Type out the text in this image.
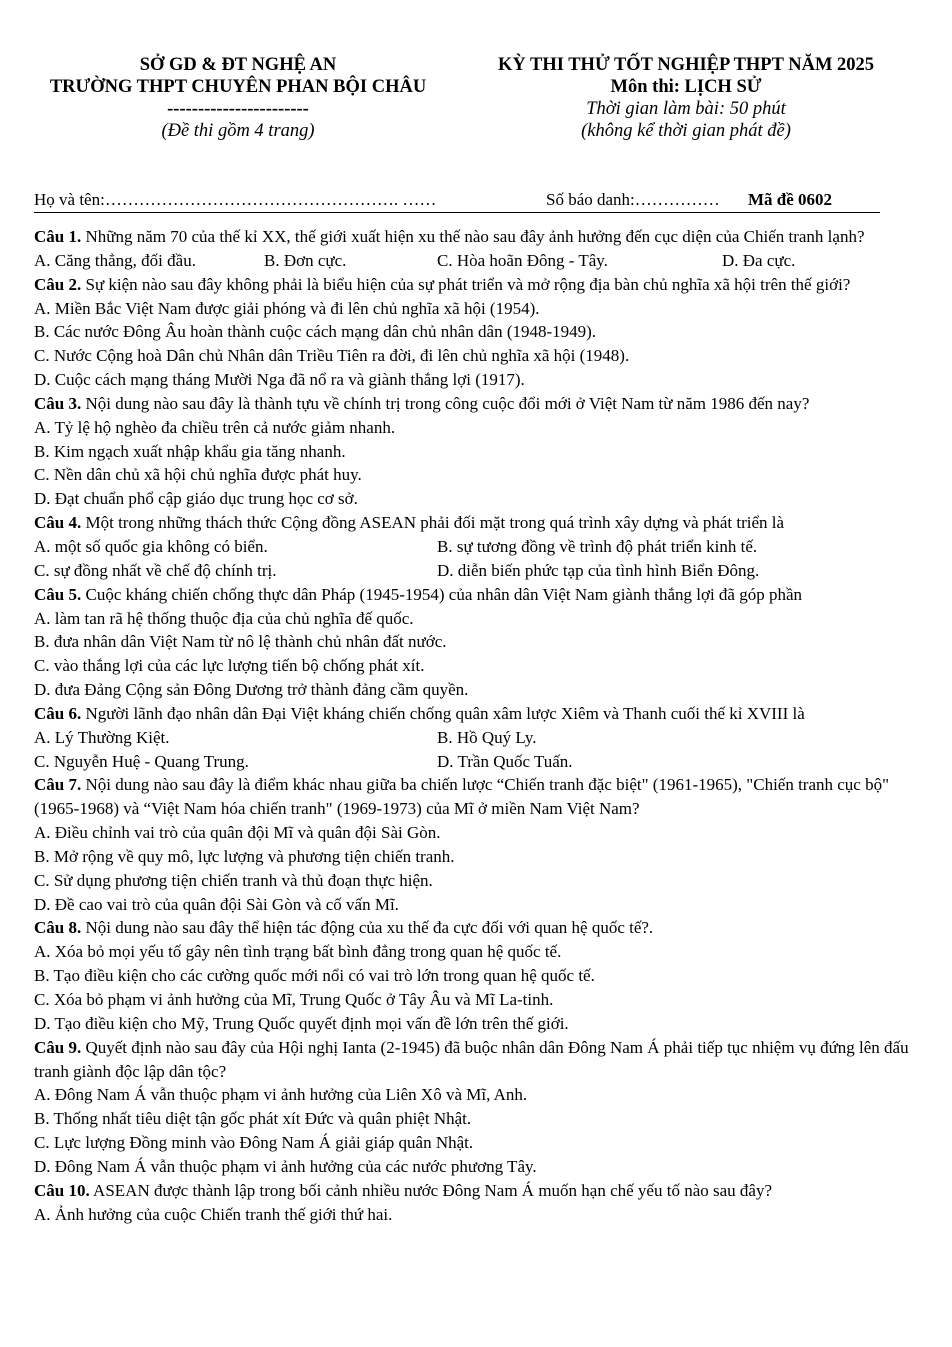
SỞ GD & ĐT NGHỆ AN
TRƯỜNG THPT CHUYÊN PHAN BỘI CHÂU
-----------------------
(Đề thi gồm 4 trang)
KỲ THI THỬ TỐT NGHIỆP THPT NĂM 2025
Môn thi: LỊCH SỬ
Thời gian làm bài: 50 phút
(không kể thời gian phát đề)
Họ và tên:……………………………………………. ……	Số báo danh:…………… Mã đề 0602
Câu 1. Những năm 70 của thế kỉ XX, thế giới xuất hiện xu thế nào sau đây ảnh hưởng đến cục diện của Chiến tranh lạnh?
A. Căng thẳng, đối đầu.	B. Đơn cực.	C. Hòa hoãn Đông - Tây.	D. Đa cực.
Câu 2. Sự kiện nào sau đây không phải là biểu hiện của sự phát triển và mở rộng địa bàn chủ nghĩa xã hội trên thế giới?
A. Miền Bắc Việt Nam được giải phóng và đi lên chủ nghĩa xã hội (1954).
B. Các nước Đông Âu hoàn thành cuộc cách mạng dân chủ nhân dân (1948-1949).
C. Nước Cộng hoà Dân chủ Nhân dân Triều Tiên ra đời, đi lên chủ nghĩa xã hội (1948).
D. Cuộc cách mạng tháng Mười Nga đã nổ ra và giành thắng lợi (1917).
Câu 3. Nội dung nào sau đây là thành tựu về chính trị trong công cuộc đổi mới ở Việt Nam từ năm 1986 đến nay?
A. Tỷ lệ hộ nghèo đa chiều trên cả nước giảm nhanh.
B. Kim ngạch xuất nhập khẩu gia tăng nhanh.
C. Nền dân chủ xã hội chủ nghĩa được phát huy.
D. Đạt chuẩn phổ cập giáo dục trung học cơ sở.
Câu 4. Một trong những thách thức Cộng đồng ASEAN phải đối mặt trong quá trình xây dựng và phát triển là
A. một số quốc gia không có biển.	B. sự tương đồng về trình độ phát triển kinh tế.
C. sự đồng nhất về chế độ chính trị.	D. diễn biến phức tạp của tình hình Biển Đông.
Câu 5. Cuộc kháng chiến chống thực dân Pháp (1945-1954) của nhân dân Việt Nam giành thắng lợi đã góp phần
A. làm tan rã hệ thống thuộc địa của chủ nghĩa đế quốc.
B. đưa nhân dân Việt Nam từ nô lệ thành chủ nhân đất nước.
C. vào thắng lợi của các lực lượng tiến bộ chống phát xít.
D. đưa Đảng Cộng sản Đông Dương trở thành đảng cầm quyền.
Câu 6. Người lãnh đạo nhân dân Đại Việt kháng chiến chống quân xâm lược Xiêm và Thanh cuối thế kỉ XVIII là
A. Lý Thường Kiệt.	B. Hồ Quý Ly.
C. Nguyễn Huệ - Quang Trung.	D. Trần Quốc Tuấn.
Câu 7. Nội dung nào sau đây là điểm khác nhau giữa ba chiến lược “Chiến tranh đặc biệt" (1961-1965), "Chiến tranh cục bộ" (1965-1968) và “Việt Nam hóa chiến tranh" (1969-1973) của Mĩ ở miền Nam Việt Nam?
A. Điều chỉnh vai trò của quân đội Mĩ và quân đội Sài Gòn.
B. Mở rộng về quy mô, lực lượng và phương tiện chiến tranh.
C. Sử dụng phương tiện chiến tranh và thủ đoạn thực hiện.
D. Đề cao vai trò của quân đội Sài Gòn và cố vấn Mĩ.
Câu 8. Nội dung nào sau đây thể hiện tác động của xu thế đa cực đối với quan hệ quốc tế?.
A. Xóa bỏ mọi yếu tố gây nên tình trạng bất bình đẳng trong quan hệ quốc tế.
B. Tạo điều kiện cho các cường quốc mới nổi có vai trò lớn trong quan hệ quốc tế.
C. Xóa bỏ phạm vi ảnh hưởng của Mĩ, Trung Quốc ở Tây Âu và Mĩ La-tinh.
D. Tạo điều kiện cho Mỹ, Trung Quốc quyết định mọi vấn đề lớn trên thế giới.
Câu 9. Quyết định nào sau đây của Hội nghị Ianta (2-1945) đã buộc nhân dân Đông Nam Á phải tiếp tục nhiệm vụ đứng lên đấu tranh giành độc lập dân tộc?
A. Đông Nam Á vẫn thuộc phạm vi ảnh hưởng của Liên Xô và Mĩ, Anh.
B. Thống nhất tiêu diệt tận gốc phát xít Đức và quân phiệt Nhật.
C. Lực lượng Đồng minh vào Đông Nam Á giải giáp quân Nhật.
D. Đông Nam Á vẫn thuộc phạm vi ảnh hưởng của các nước phương Tây.
Câu 10. ASEAN được thành lập trong bối cảnh nhiều nước Đông Nam Á muốn hạn chế yếu tố nào sau đây?
A. Ảnh hưởng của cuộc Chiến tranh thế giới thứ hai.
